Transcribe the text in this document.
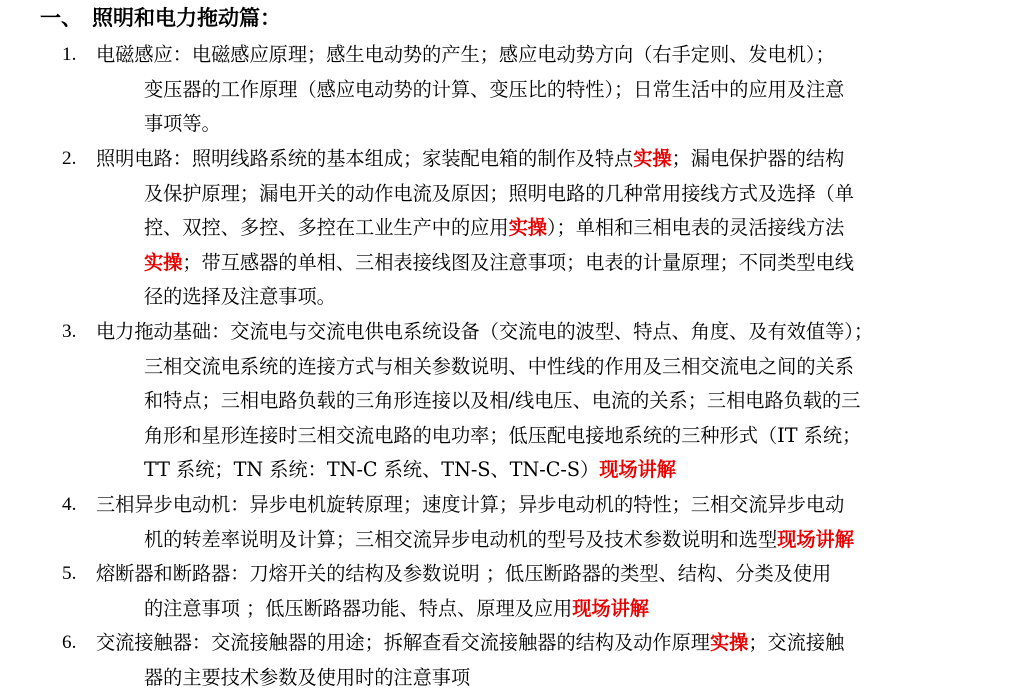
一、 照明和电力拖动篇：
1.	电磁感应：电磁感应原理；感生电动势的产生；感应电动势方向（右手定则、发电机）；
变压器的工作原理（感应电动势的计算、变压比的特性）；日常生活中的应用及注意
事项等。
2.	照明电路：照明线路系统的基本组成；家装配电箱的制作及特点实操；漏电保护器的结构
及保护原理；漏电开关的动作电流及原因；照明电路的几种常用接线方式及选择（单
控、双控、多控、多控在工业生产中的应用实操）；单相和三相电表的灵活接线方法
实操；带互感器的单相、三相表接线图及注意事项；电表的计量原理；不同类型电线
径的选择及注意事项。
3.	电力拖动基础：交流电与交流电供电系统设备（交流电的波型、特点、角度、及有效值等）；
三相交流电系统的连接方式与相关参数说明、中性线的作用及三相交流电之间的关系
和特点；三相电路负载的三角形连接以及相/线电压、电流的关系；三相电路负载的三
角形和星形连接时三相交流电路的电功率；低压配电接地系统的三种形式（IT 系统；
TT 系统；TN 系统：TN-C 系统、TN-S、TN-C-S）现场讲解
4.	三相异步电动机：异步电机旋转原理；速度计算；异步电动机的特性；三相交流异步电动
机的转差率说明及计算；三相交流异步电动机的型号及技术参数说明和选型现场讲解
5.	熔断器和断路器：刀熔开关的结构及参数说明 ；低压断路器的类型、结构、分类及使用
的注意事项 ；低压断路器功能、特点、原理及应用现场讲解
6.	交流接触器：交流接触器的用途；拆解查看交流接触器的结构及动作原理实操；交流接触
器的主要技术参数及使用时的注意事项
